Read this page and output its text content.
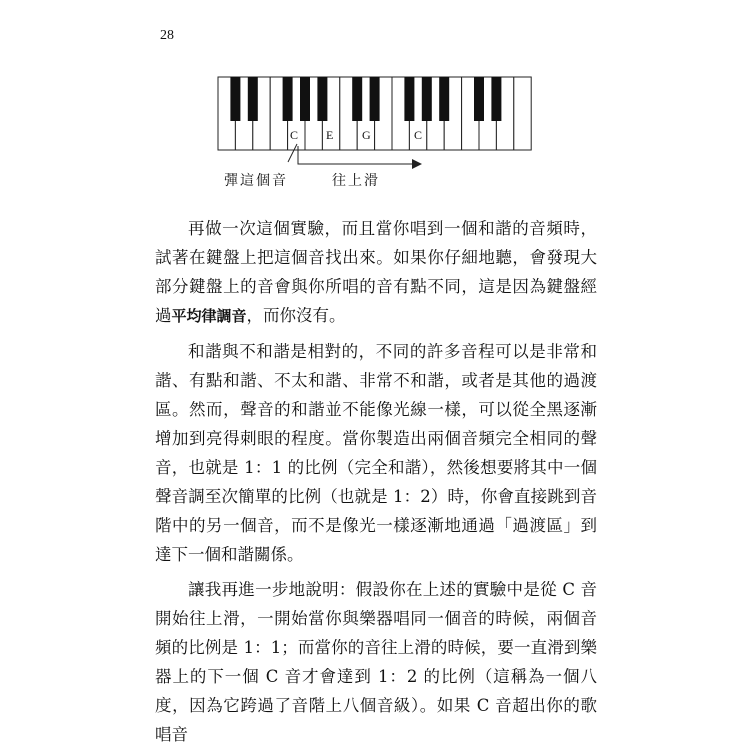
28
C E G	C
彈這個音	往上滑

再做一次這個實驗，而且當你唱到一個和諧的音頻時，試著在鍵盤上把這個音找出來。如果你仔細地聽，會發現大部分鍵盤上的音會與你所唱的音有點不同，這是因為鍵盤經過平均律調音，而你沒有。

和諧與不和諧是相對的，不同的許多音程可以是非常和諧、有點和諧、不太和諧、非常不和諧，或者是其他的過渡區。然而，聲音的和諧並不能像光線一樣，可以從全黑逐漸增加到亮得刺眼的程度。當你製造出兩個音頻完全相同的聲音，也就是 1：1 的比例（完全和諧），然後想要將其中一個聲音調至次簡單的比例（也就是 1：2）時，你會直接跳到音階中的另一個音，而不是像光一樣逐漸地通過「過渡區」到達下一個和諧關係。

讓我再進一步地說明：假設你在上述的實驗中是從 C 音開始往上滑，一開始當你與樂器唱同一個音的時候，兩個音頻的比例是 1：1；而當你的音往上滑的時候，要一直滑到樂器上的下一個 C 音才會達到 1：2 的比例（這稱為一個八度，因為它跨過了音階上八個音級）。如果 C 音超出你的歌唱音
